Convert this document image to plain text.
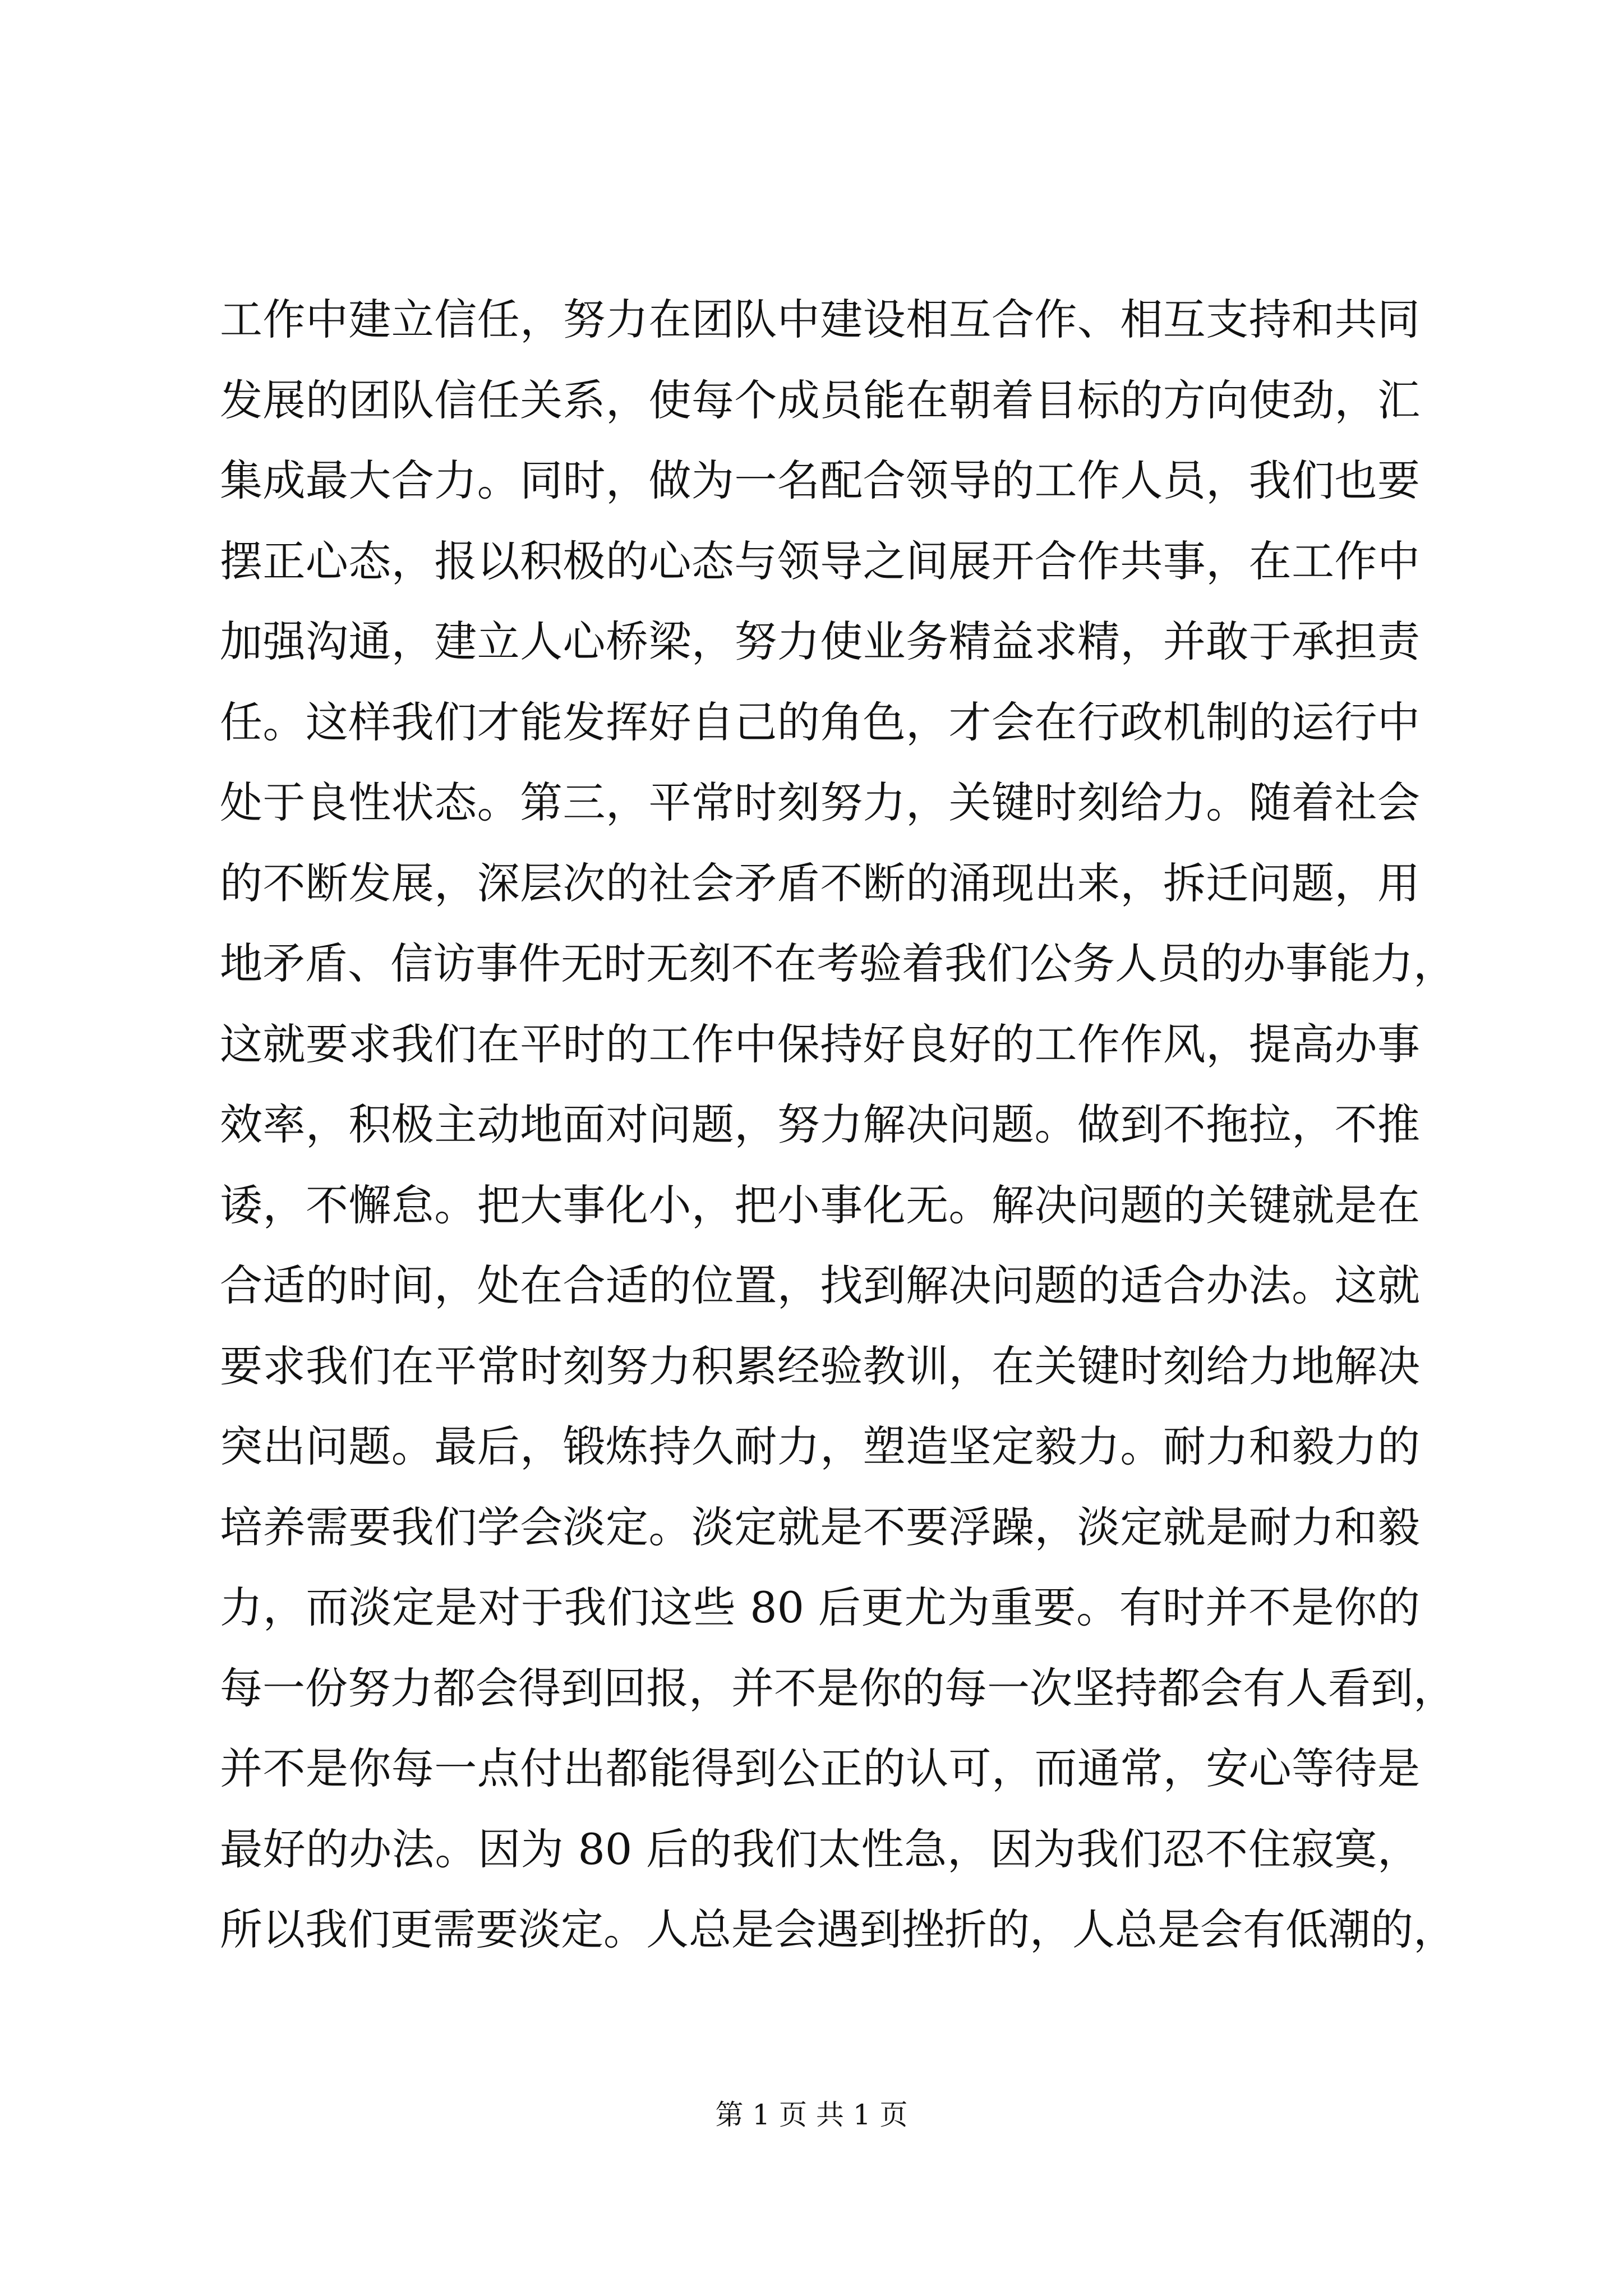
工作中建立信任，努力在团队中建设相互合作、相互支持和共同
发展的团队信任关系，使每个成员能在朝着目标的方向使劲，汇
集成最大合力。同时，做为一名配合领导的工作人员，我们也要
摆正心态，报以积极的心态与领导之间展开合作共事，在工作中
加强沟通，建立人心桥梁，努力使业务精益求精，并敢于承担责
任。这样我们才能发挥好自己的角色，才会在行政机制的运行中
处于良性状态。第三，平常时刻努力，关键时刻给力。随着社会
的不断发展，深层次的社会矛盾不断的涌现出来，拆迁问题，用
地矛盾、信访事件无时无刻不在考验着我们公务人员的办事能力，
这就要求我们在平时的工作中保持好良好的工作作风，提高办事
效率，积极主动地面对问题，努力解决问题。做到不拖拉，不推
诿，不懈怠。把大事化小，把小事化无。解决问题的关键就是在
合适的时间，处在合适的位置，找到解决问题的适合办法。这就
要求我们在平常时刻努力积累经验教训，在关键时刻给力地解决
突出问题。最后，锻炼持久耐力，塑造坚定毅力。耐力和毅力的
培养需要我们学会淡定。淡定就是不要浮躁，淡定就是耐力和毅
力，而淡定是对于我们这些 80 后更尤为重要。有时并不是你的
每一份努力都会得到回报，并不是你的每一次坚持都会有人看到，
并不是你每一点付出都能得到公正的认可，而通常，安心等待是
最好的办法。因为 80 后的我们太性急，因为我们忍不住寂寞，
所以我们更需要淡定。人总是会遇到挫折的，人总是会有低潮的，
第 1 页 共 1 页
